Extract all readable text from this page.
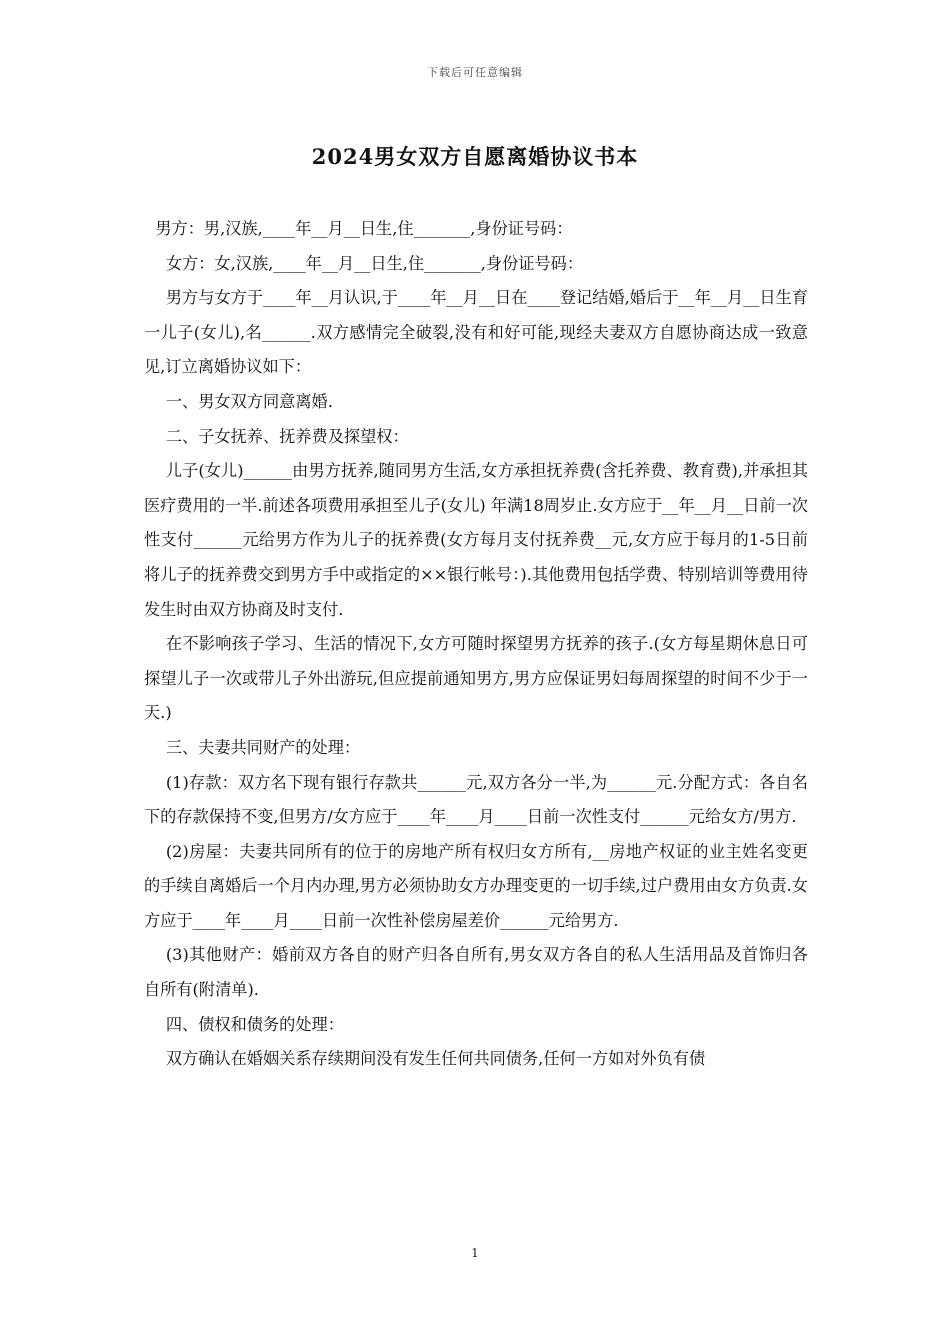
下载后可任意编辑
2024男女双方自愿离婚协议书本

男方：男,汉族,____年__月__日生,住_______,身份证号码：

女方：女,汉族,____年__月__日生,住_______,身份证号码：

男方与女方于____年__月认识,于____年__月__日在____登记结婚,婚后于__年__月__日生育一儿子(女儿),名______.双方感情完全破裂,没有和好可能,现经夫妻双方自愿协商达成一致意见,订立离婚协议如下：

一、男女双方同意离婚.

二、子女抚养、抚养费及探望权：

儿子(女儿)______由男方抚养,随同男方生活,女方承担抚养费(含托养费、教育费),并承担其医疗费用的一半.前述各项费用承担至儿子(女儿) 年满18周岁止.女方应于__年__月__日前一次性支付______元给男方作为儿子的抚养费(女方每月支付抚养费__元,女方应于每月的1-5日前将儿子的抚养费交到男方手中或指定的××银行帐号：).其他费用包括学费、特别培训等费用待发生时由双方协商及时支付.

在不影响孩子学习、生活的情况下,女方可随时探望男方抚养的孩子.(女方每星期休息日可探望儿子一次或带儿子外出游玩,但应提前通知男方,男方应保证男妇每周探望的时间不少于一天.)

三、夫妻共同财产的处理：

(1)存款：双方名下现有银行存款共______元,双方各分一半,为______元.分配方式：各自名下的存款保持不变,但男方/女方应于____年____月____日前一次性支付______元给女方/男方.

(2)房屋：夫妻共同所有的位于的房地产所有权归女方所有,__房地产权证的业主姓名变更的手续自离婚后一个月内办理,男方必须协助女方办理变更的一切手续,过户费用由女方负责.女方应于____年____月____日前一次性补偿房屋差价______元给男方.

(3)其他财产：婚前双方各自的财产归各自所有,男女双方各自的私人生活用品及首饰归各自所有(附清单).

四、债权和债务的处理：

双方确认在婚姻关系存续期间没有发生任何共同债务,任何一方如对外负有债

1
